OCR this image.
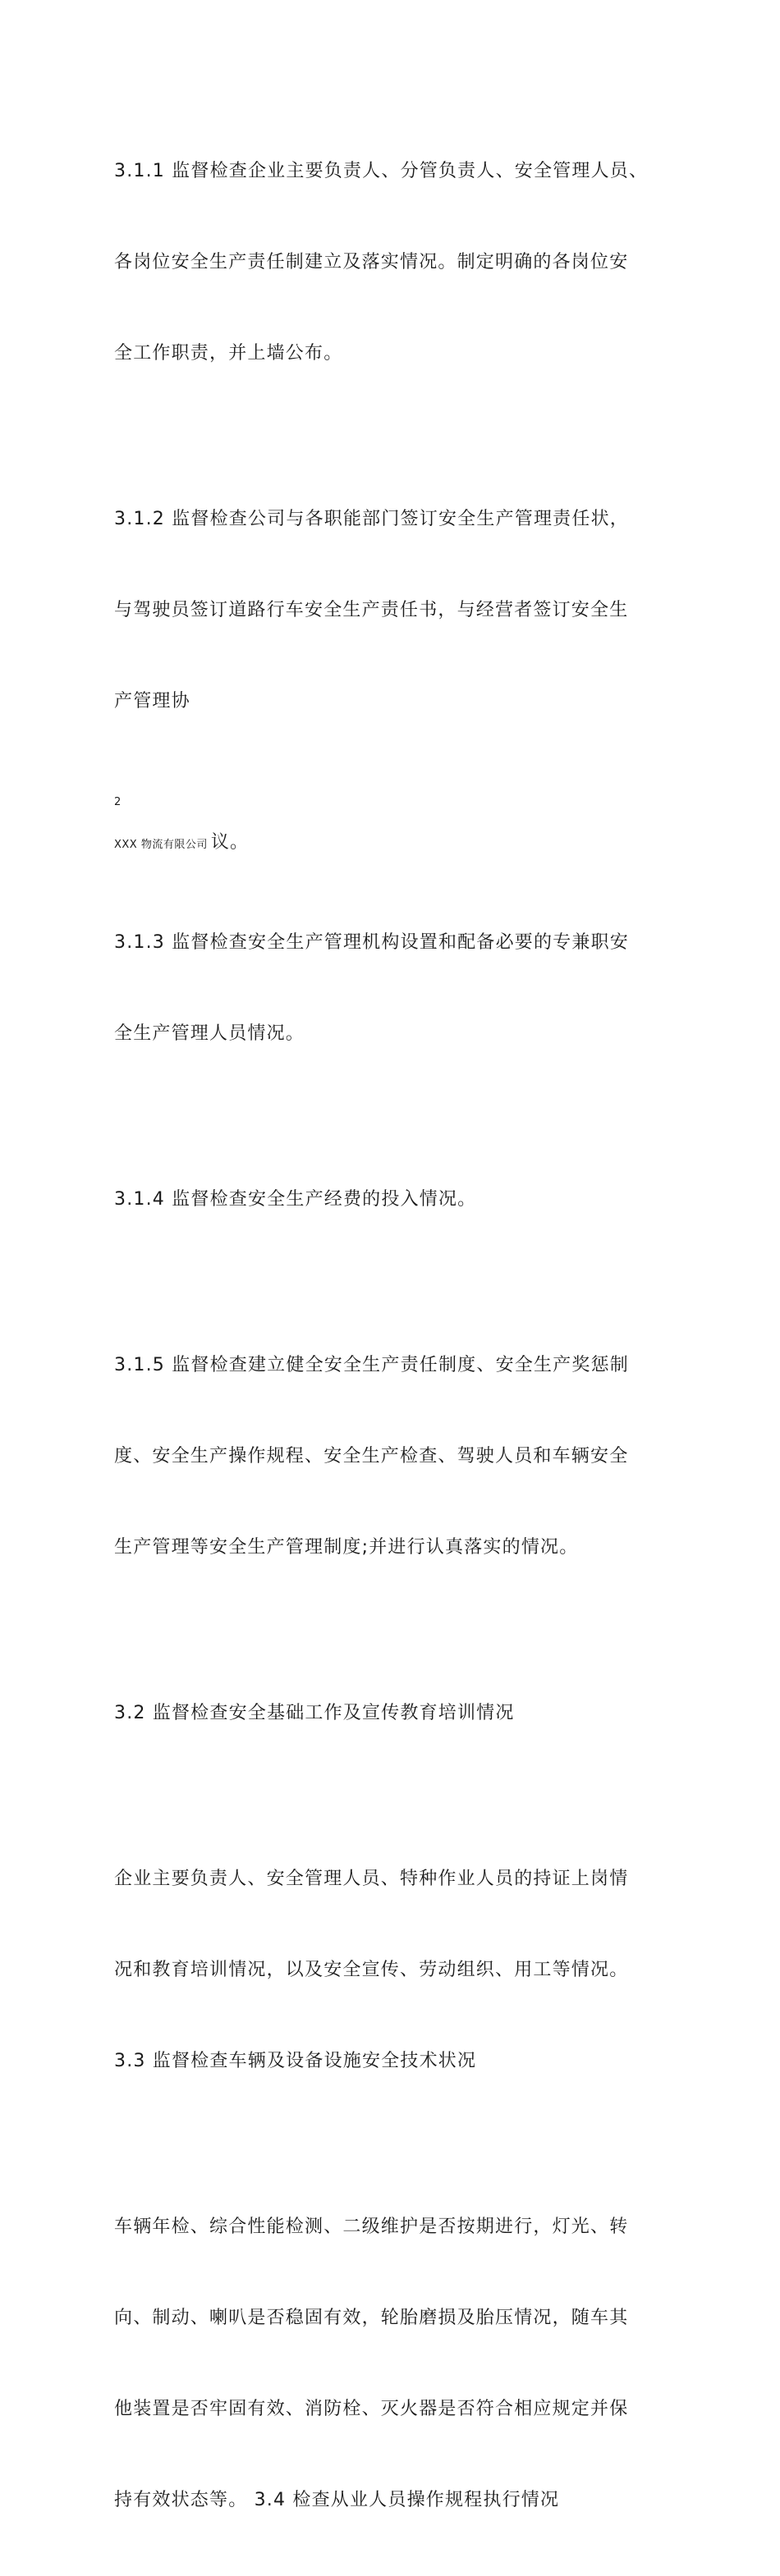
3.1.1 监督检查企业主要负责人、分管负责人、安全管理人员、

各岗位安全生产责任制建立及落实情况。制定明确的各岗位安

全工作职责，并上墙公布。

3.1.2 监督检查公司与各职能部门签订安全生产管理责任状，

与驾驶员签订道路行车安全生产责任书，与经营者签订安全生

产管理协

2

XXX 物流有限公司 议。

3.1.3 监督检查安全生产管理机构设置和配备必要的专兼职安

全生产管理人员情况。

3.1.4 监督检查安全生产经费的投入情况。

3.1.5 监督检查建立健全安全生产责任制度、安全生产奖惩制

度、安全生产操作规程、安全生产检查、驾驶人员和车辆安全

生产管理等安全生产管理制度;并进行认真落实的情况。

3.2 监督检查安全基础工作及宣传教育培训情况

企业主要负责人、安全管理人员、特种作业人员的持证上岗情

况和教育培训情况，以及安全宣传、劳动组织、用工等情况。

3.3 监督检查车辆及设备设施安全技术状况

车辆年检、综合性能检测、二级维护是否按期进行，灯光、转

向、制动、喇叭是否稳固有效，轮胎磨损及胎压情况，随车其

他装置是否牢固有效、消防栓、灭火器是否符合相应规定并保

持有效状态等。 3.4 检查从业人员操作规程执行情况
